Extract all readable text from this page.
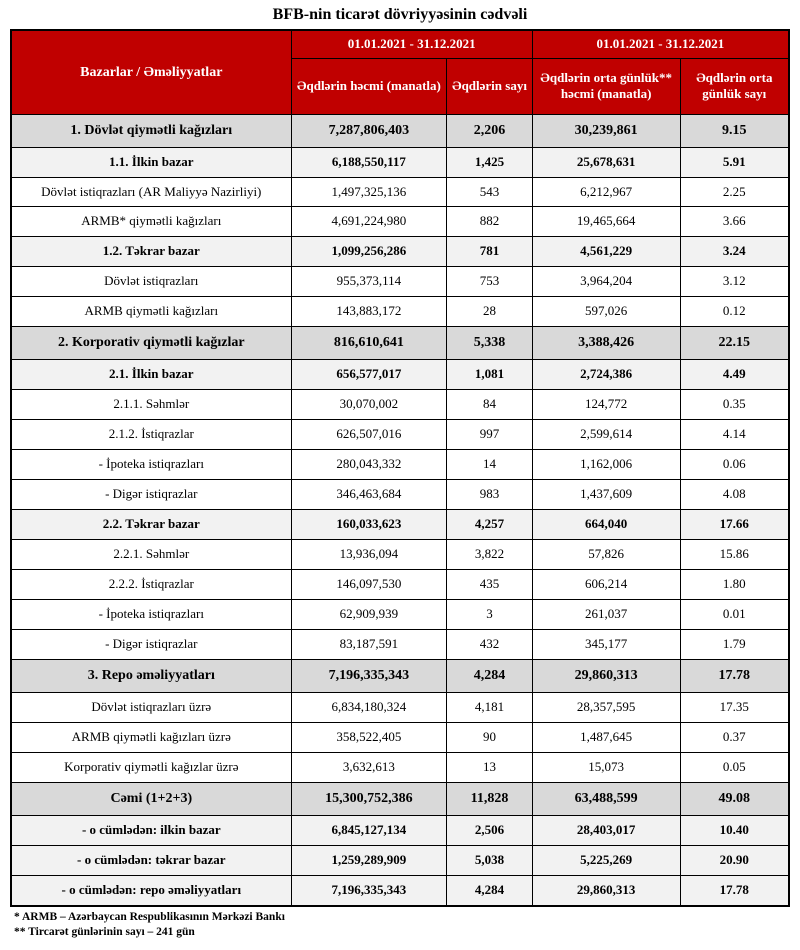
BFB-nin ticarət dövriyyəsinin cədvəli
Bazarlar / Əməliyyatlar	01.01.2021 - 31.12.2021		01.01.2021 - 31.12.2021	
	Əqdlərin həcmi (manatla)	Əqdlərin sayı	Əqdlərin orta günlük** həcmi (manatla)	Əqdlərin orta günlük sayı
1. Dövlət qiymətli kağızları	7,287,806,403	2,206	30,239,861	9.15
1.1. İlkin bazar	6,188,550,117	1,425	25,678,631	5.91
Dövlət istiqrazları (AR Maliyyə Nazirliyi)	1,497,325,136	543	6,212,967	2.25
ARMB* qiymətli kağızları	4,691,224,980	882	19,465,664	3.66
1.2. Təkrar bazar	1,099,256,286	781	4,561,229	3.24
Dövlət istiqrazları	955,373,114	753	3,964,204	3.12
ARMB qiymətli kağızları	143,883,172	28	597,026	0.12
2. Korporativ qiymətli kağızlar	816,610,641	5,338	3,388,426	22.15
2.1. İlkin bazar	656,577,017	1,081	2,724,386	4.49
2.1.1. Səhmlər	30,070,002	84	124,772	0.35
2.1.2. İstiqrazlar	626,507,016	997	2,599,614	4.14
- İpoteka istiqrazları	280,043,332	14	1,162,006	0.06
- Digər istiqrazlar	346,463,684	983	1,437,609	4.08
2.2. Təkrar bazar	160,033,623	4,257	664,040	17.66
2.2.1. Səhmlər	13,936,094	3,822	57,826	15.86
2.2.2. İstiqrazlar	146,097,530	435	606,214	1.80
- İpoteka istiqrazları	62,909,939	3	261,037	0.01
- Digər istiqrazlar	83,187,591	432	345,177	1.79
3. Repo əməliyyatları	7,196,335,343	4,284	29,860,313	17.78
Dövlət istiqrazları üzrə	6,834,180,324	4,181	28,357,595	17.35
ARMB qiymətli kağızları üzrə	358,522,405	90	1,487,645	0.37
Korporativ qiymətli kağızlar üzrə	3,632,613	13	15,073	0.05
Cəmi (1+2+3)	15,300,752,386	11,828	63,488,599	49.08
- o cümlədən: ilkin bazar	6,845,127,134	2,506	28,403,017	10.40
- o cümlədən: təkrar bazar	1,259,289,909	5,038	5,225,269	20.90
- o cümlədən: repo əməliyyatları	7,196,335,343	4,284	29,860,313	17.78
* ARMB – Azərbaycan Respublikasının Mərkəzi Bankı
** Tircarət günlərinin sayı – 241 gün
